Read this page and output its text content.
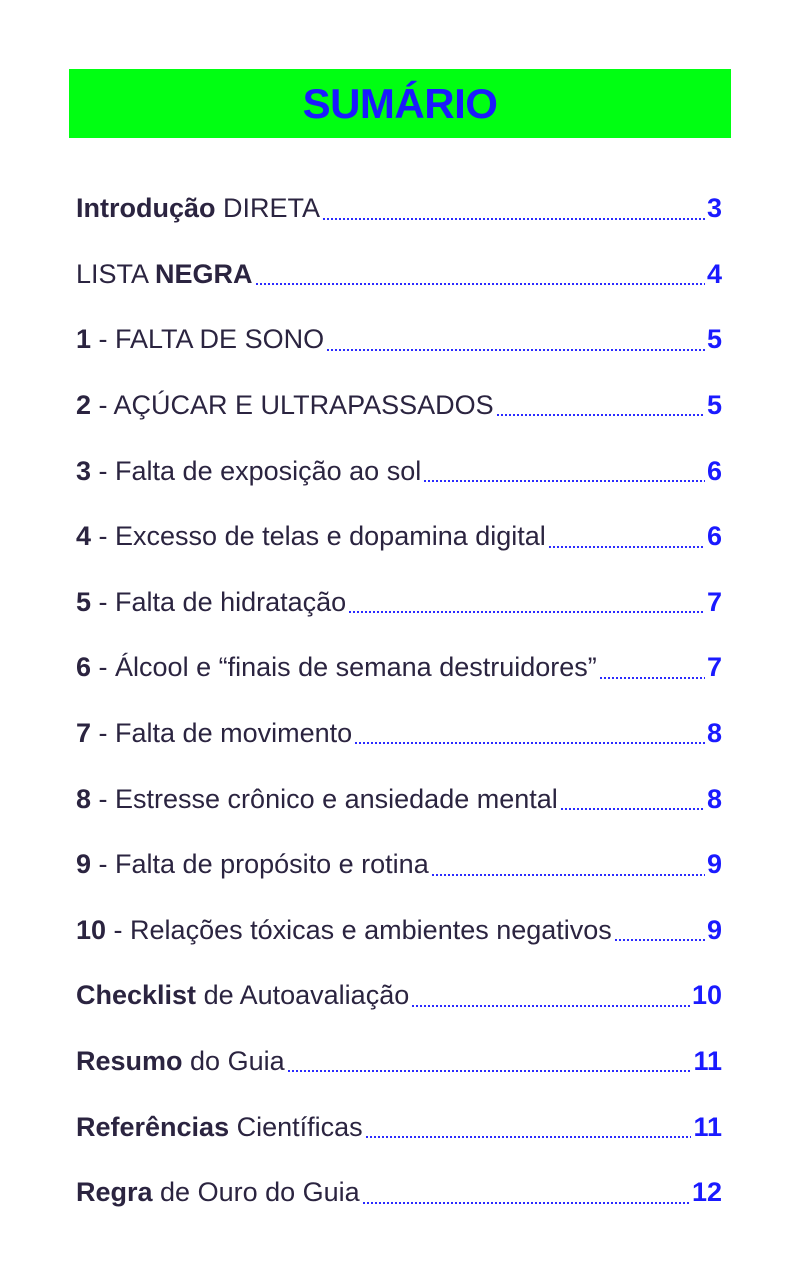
SUMÁRIO
Introdução DIRETA	3
LISTA NEGRA	4
1 - FALTA DE SONO	5
2 - AÇÚCAR E ULTRAPASSADOS	5
3 - Falta de exposição ao sol	6
4 - Excesso de telas e dopamina digital	6
5 - Falta de hidratação	7
6 - Álcool e “finais de semana destruidores”	7
7 - Falta de movimento	8
8 - Estresse crônico e ansiedade mental	8
9 - Falta de propósito e rotina	9
10 - Relações tóxicas e ambientes negativos	9
Checklist de Autoavaliação	10
Resumo do Guia	11
Referências Científicas	11
Regra de Ouro do Guia	12
